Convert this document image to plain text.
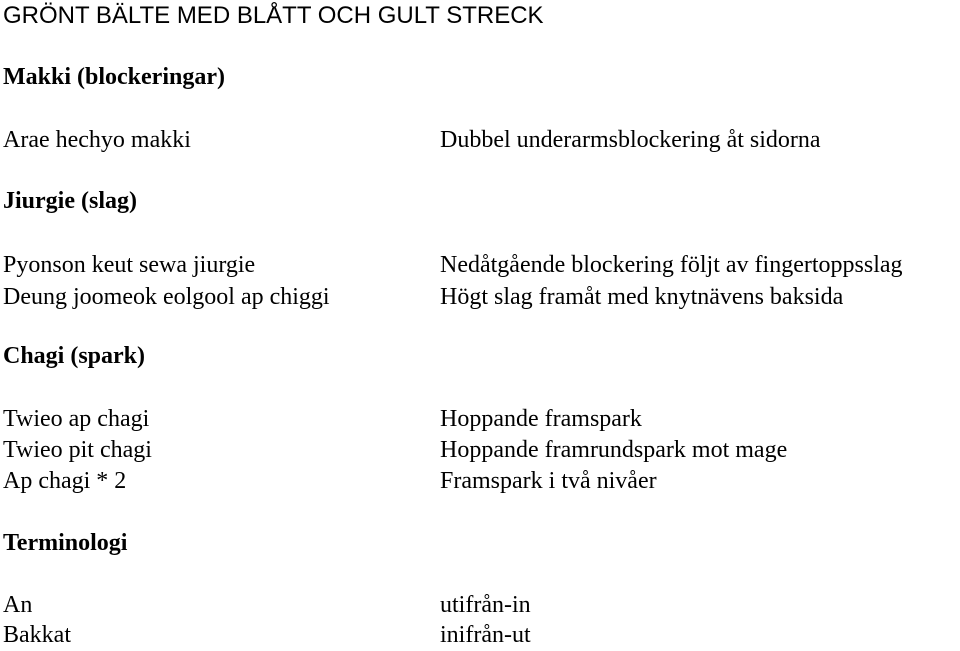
GRÖNT BÄLTE MED BLÅTT OCH GULT STRECK
Makki (blockeringar)
Arae hechyo makki	Dubbel underarmsblockering åt sidorna
Jiurgie (slag)
Pyonson keut sewa jiurgie	Nedåtgående blockering följt av fingertoppsslag
Deung joomeok eolgool ap chiggi	Högt slag framåt med knytnävens baksida
Chagi (spark)
Twieo ap chagi	Hoppande framspark
Twieo pit chagi	Hoppande framrundspark mot mage
Ap chagi * 2	Framspark i två nivåer
Terminologi
An	utifrån-in
Bakkat	inifrån-ut
